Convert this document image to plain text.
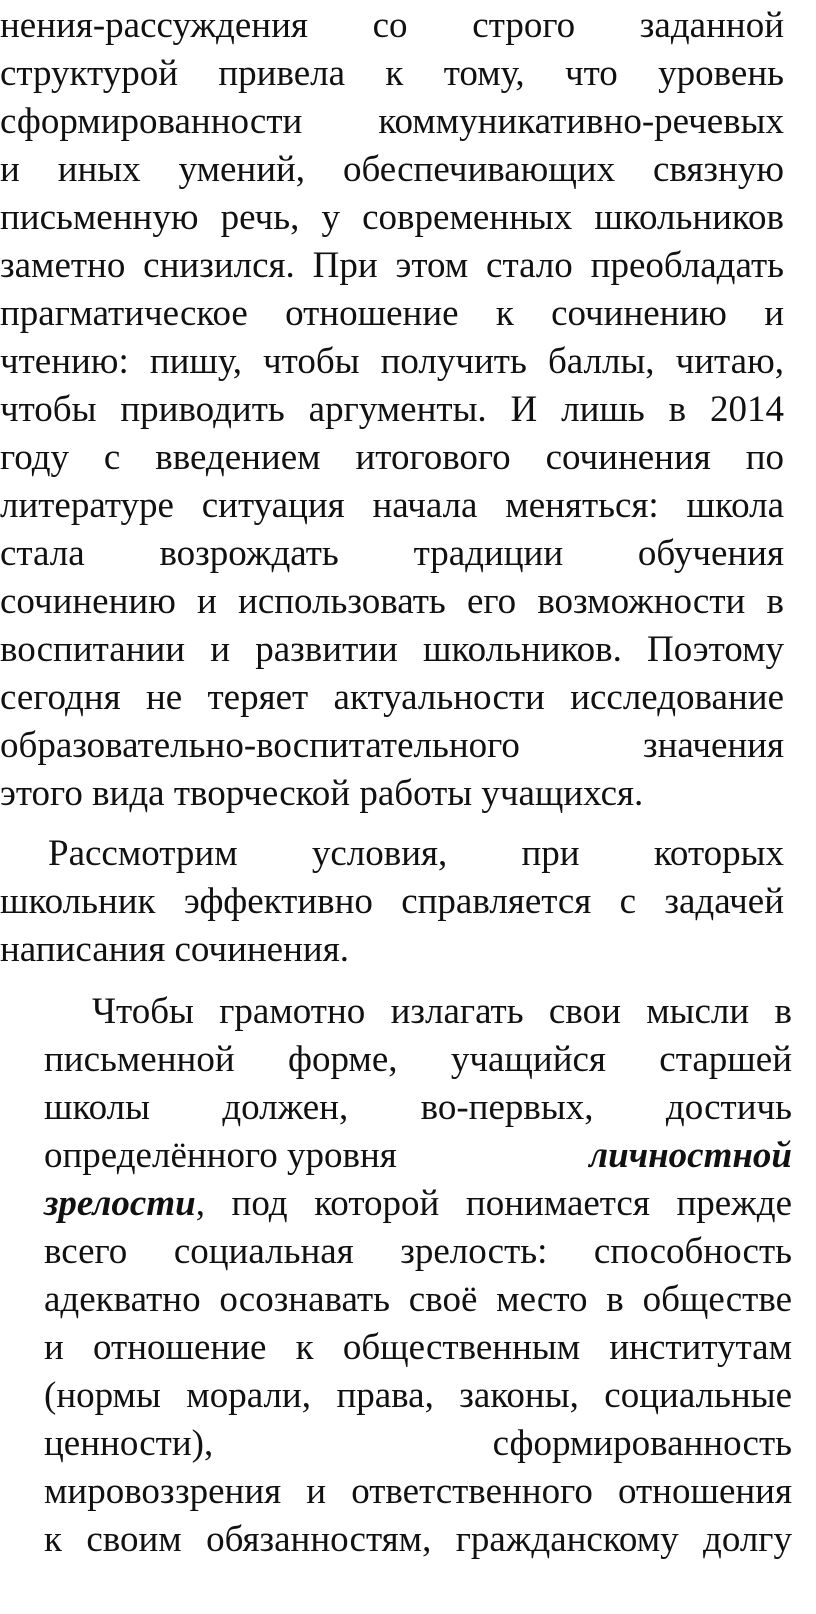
нения-рассуждения со строго заданной
структурой привела к тому, что уровень
сформированности коммуникативно-речевых
и иных умений, обеспечивающих связную
письменную речь, у современных школьников
заметно снизился. При этом стало преобладать
прагматическое отношение к сочинению и
чтению: пишу, чтобы получить баллы, читаю,
чтобы приводить аргументы. И лишь в 2014
году с введением итогового сочинения по
литературе ситуация начала меняться: школа
стала возрождать традиции обучения
сочинению и использовать его возможности в
воспитании и развитии школьников. Поэтому
сегодня не теряет актуальности исследование
образовательно-воспитательного значения
этого вида творческой работы учащихся.
Рассмотрим условия, при которых
школьник эффективно справляется с задачей
написания сочинения.
Чтобы грамотно излагать свои мысли в
письменной форме, учащийся старшей
школы должен, во-первых, достичь
определённого уровня	личностной
зрелости , под которой понимается прежде
всего социальная зрелость: способность
адекватно осознавать своё место в обществе
и отношение к общественным институтам
(нормы морали, права, законы, социальные
ценности), сформированность
мировоззрения и ответственного отношения
к своим обязанностям, гражданскому долгу
